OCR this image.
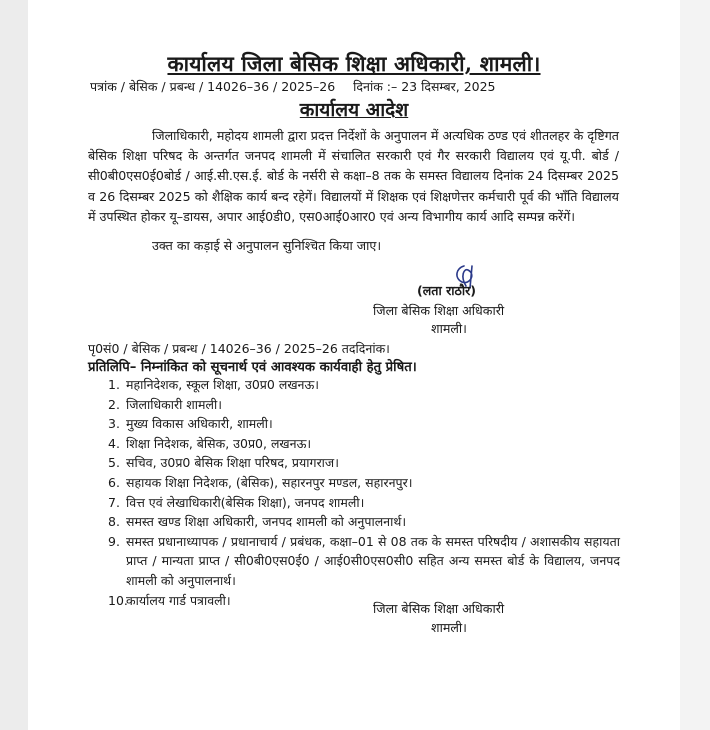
कार्यालय जिला बेसिक शिक्षा अधिकारी, शामली।
पत्रांक / बेसिक / प्रबन्ध / 14026–36 / 2025–26 दिनांक :– 23 दिसम्बर, 2025
कार्यालय आदेश
जिलाधिकारी, महोदय शामली द्वारा प्रदत्त निर्देशों के अनुपालन में अत्यधिक ठण्ड एवं शीतलहर के दृष्टिगत बेसिक शिक्षा परिषद के अन्तर्गत जनपद शामली में संचालित सरकारी एवं गैर सरकारी विद्यालय एवं यू.पी. बोर्ड / सी0बी0एस0ई0बोर्ड / आई.सी.एस.ई. बोर्ड के नर्सरी से कक्षा–8 तक के समस्त विद्यालय दिनांक 24 दिसम्बर 2025 व 26 दिसम्बर 2025 को शैक्षिक कार्य बन्द रहेगें। विद्यालयों में शिक्षक एवं शिक्षणेत्तर कर्मचारी पूर्व की भाँति विद्यालय में उपस्थित होकर यू–डायस, अपार आई0डी0, एस0आई0आर0 एवं अन्य विभागीय कार्य आदि सम्पन्न करेंगें।
उक्त का कड़ाई से अनुपालन सुनिश्चित किया जाए।
(लता राठौर)
जिला बेसिक शिक्षा अधिकारी
शामली।
पृ0सं0 / बेसिक / प्रबन्ध / 14026–36 / 2025–26 तददिनांक।
प्रतिलिपि– निम्नांकित को सूचनार्थ एवं आवश्यक कार्यवाही हेतु प्रेषित।
1. महानिदेशक, स्कूल शिक्षा, उ0प्र0 लखनऊ।
2. जिलाधिकारी शामली।
3. मुख्य विकास अधिकारी, शामली।
4. शिक्षा निदेशक, बेसिक, उ0प्र0, लखनऊ।
5. सचिव, उ0प्र0 बेसिक शिक्षा परिषद, प्रयागराज।
6. सहायक शिक्षा निदेशक, (बेसिक), सहारनपुर मण्डल, सहारनपुर।
7. वित्त एवं लेखाधिकारी(बेसिक शिक्षा), जनपद शामली।
8. समस्त खण्ड शिक्षा अधिकारी, जनपद शामली को अनुपालनार्थ।
9. समस्त प्रधानाध्यापक / प्रधानाचार्य / प्रबंधक, कक्षा–01 से 08 तक के समस्त परिषदीय / अशासकीय सहायता प्राप्त / मान्यता प्राप्त / सी0बी0एस0ई0 / आई0सी0एस0सी0 सहित अन्य समस्त बोर्ड के विद्यालय, जनपद शामली को अनुपालनार्थ।
10.
कार्यालय गार्ड पत्रावली।
जिला बेसिक शिक्षा अधिकारी
शामली।
